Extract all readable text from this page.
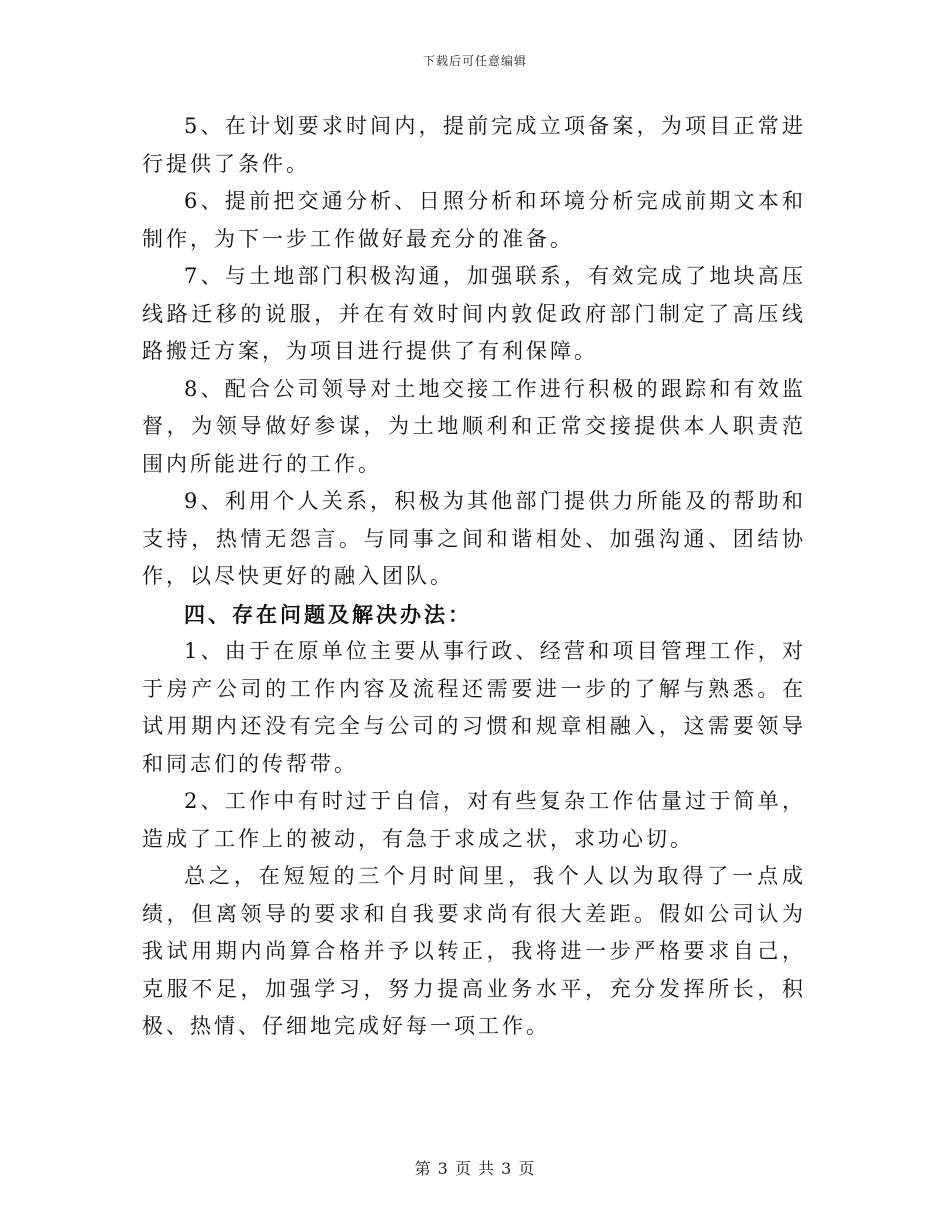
下载后可任意编辑

5、在计划要求时间内，提前完成立项备案，为项目正常进行提供了条件。

6、提前把交通分析、日照分析和环境分析完成前期文本和制作，为下一步工作做好最充分的准备。

7、与土地部门积极沟通，加强联系，有效完成了地块高压线路迁移的说服，并在有效时间内敦促政府部门制定了高压线路搬迁方案，为项目进行提供了有利保障。

8、配合公司领导对土地交接工作进行积极的跟踪和有效监督，为领导做好参谋，为土地顺利和正常交接提供本人职责范围内所能进行的工作。

9、利用个人关系，积极为其他部门提供力所能及的帮助和支持，热情无怨言。与同事之间和谐相处、加强沟通、团结协作，以尽快更好的融入团队。

四、存在问题及解决办法：

1、由于在原单位主要从事行政、经营和项目管理工作，对于房产公司的工作内容及流程还需要进一步的了解与熟悉。在试用期内还没有完全与公司的习惯和规章相融入，这需要领导和同志们的传帮带。

2、工作中有时过于自信，对有些复杂工作估量过于简单，造成了工作上的被动，有急于求成之状，求功心切。

总之，在短短的三个月时间里，我个人以为取得了一点成绩，但离领导的要求和自我要求尚有很大差距。假如公司认为我试用期内尚算合格并予以转正，我将进一步严格要求自己，克服不足，加强学习，努力提高业务水平，充分发挥所长，积极、热情、仔细地完成好每一项工作。

第 3 页 共 3 页
